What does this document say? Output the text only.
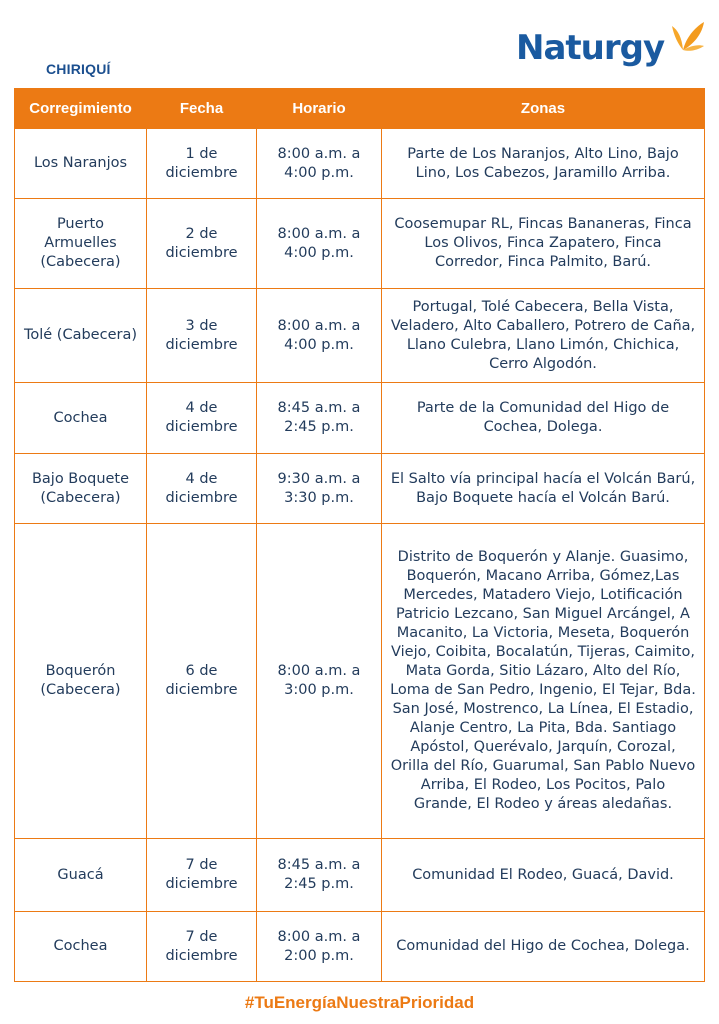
CHIRIQUÍ
Naturgy
Corregimiento	Fecha	Horario	Zonas
Los Naranjos	1 de diciembre	8:00 a.m. a 4:00 p.m.	Parte de Los Naranjos, Alto Lino, Bajo Lino, Los Cabezos, Jaramillo Arriba.
Puerto Armuelles (Cabecera)	2 de diciembre	8:00 a.m. a 4:00 p.m.	Coosemupar RL, Fincas Bananeras, Finca Los Olivos, Finca Zapatero, Finca Corredor, Finca Palmito, Barú.
Tolé (Cabecera)	3 de diciembre	8:00 a.m. a 4:00 p.m.	Portugal, Tolé Cabecera, Bella Vista, Veladero, Alto Caballero, Potrero de Caña, Llano Culebra, Llano Limón, Chichica, Cerro Algodón.
Cochea	4 de diciembre	8:45 a.m. a 2:45 p.m.	Parte de la Comunidad del Higo de Cochea, Dolega.
Bajo Boquete (Cabecera)	4 de diciembre	9:30 a.m. a 3:30 p.m.	El Salto vía principal hacía el Volcán Barú, Bajo Boquete hacía el Volcán Barú.
Boquerón (Cabecera)	6 de diciembre	8:00 a.m. a 3:00 p.m.	Distrito de Boquerón y Alanje. Guasimo, Boquerón, Macano Arriba, Gómez,Las Mercedes, Matadero Viejo, Lotificación Patricio Lezcano, San Miguel Arcángel, A Macanito, La Victoria, Meseta, Boquerón Viejo, Coibita, Bocalatún, Tijeras, Caimito, Mata Gorda, Sitio Lázaro, Alto del Río, Loma de San Pedro, Ingenio, El Tejar, Bda. San José, Mostrenco, La Línea, El Estadio, Alanje Centro, La Pita, Bda. Santiago Apóstol, Querévalo, Jarquín, Corozal, Orilla del Río, Guarumal, San Pablo Nuevo Arriba, El Rodeo, Los Pocitos, Palo Grande, El Rodeo y áreas aledañas.
Guacá	7 de diciembre	8:45 a.m. a 2:45 p.m.	Comunidad El Rodeo, Guacá, David.
Cochea	7 de diciembre	8:00 a.m. a 2:00 p.m.	Comunidad del Higo de Cochea, Dolega.
#TuEnergíaNuestraPrioridad
